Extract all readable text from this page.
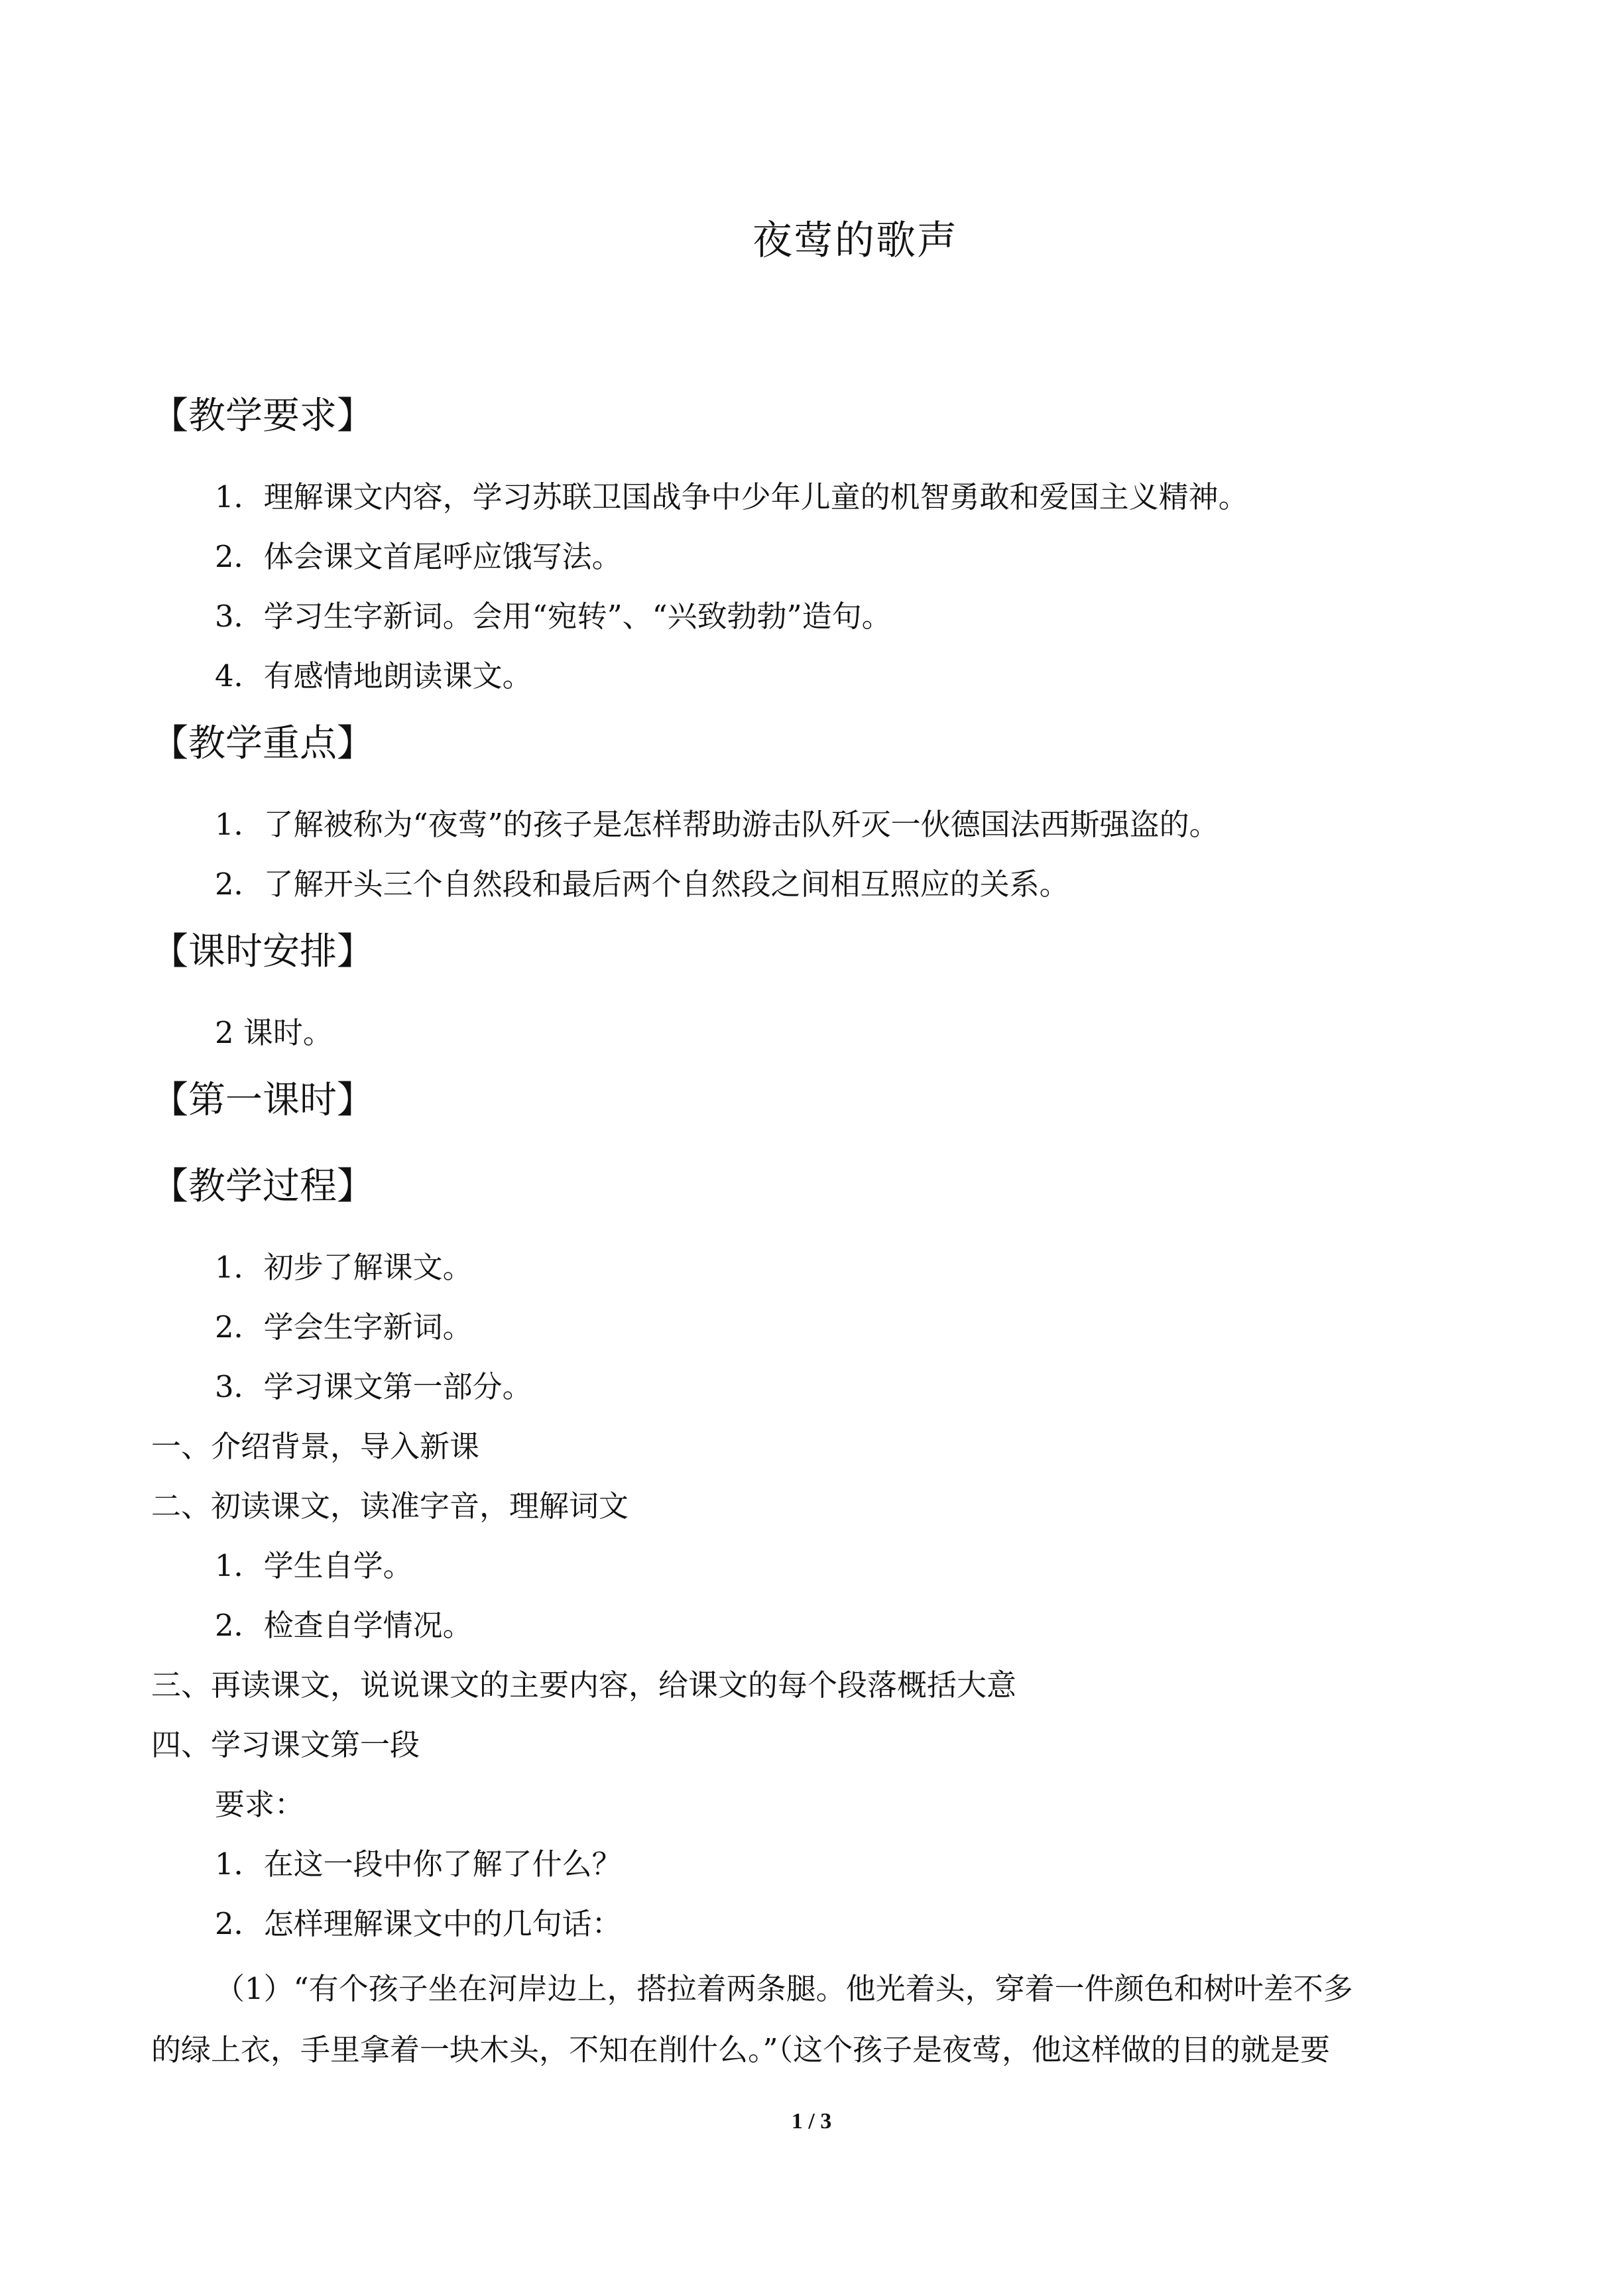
夜莺的歌声
【教学要求】
1．理解课文内容，学习苏联卫国战争中少年儿童的机智勇敢和爱国主义精神。
2．体会课文首尾呼应饿写法。
3．学习生字新词。会用“宛转”、“兴致勃勃”造句。
4．有感情地朗读课文。
【教学重点】
1．了解被称为“夜莺”的孩子是怎样帮助游击队歼灭一伙德国法西斯强盗的。
2．了解开头三个自然段和最后两个自然段之间相互照应的关系。
【课时安排】
2 课时。
【第一课时】
【教学过程】
1．初步了解课文。
2．学会生字新词。
3．学习课文第一部分。
一、介绍背景，导入新课
二、初读课文，读准字音，理解词文
1．学生自学。
2．检查自学情况。
三、再读课文，说说课文的主要内容，给课文的每个段落概括大意
四、学习课文第一段
要求：
1．在这一段中你了解了什么？
2．怎样理解课文中的几句话：
（1）“有个孩子坐在河岸边上，搭拉着两条腿。他光着头，穿着一件颜色和树叶差不多
的绿上衣，手里拿着一块木头，不知在削什么。”（这个孩子是夜莺，他这样做的目的就是要
1 / 3
